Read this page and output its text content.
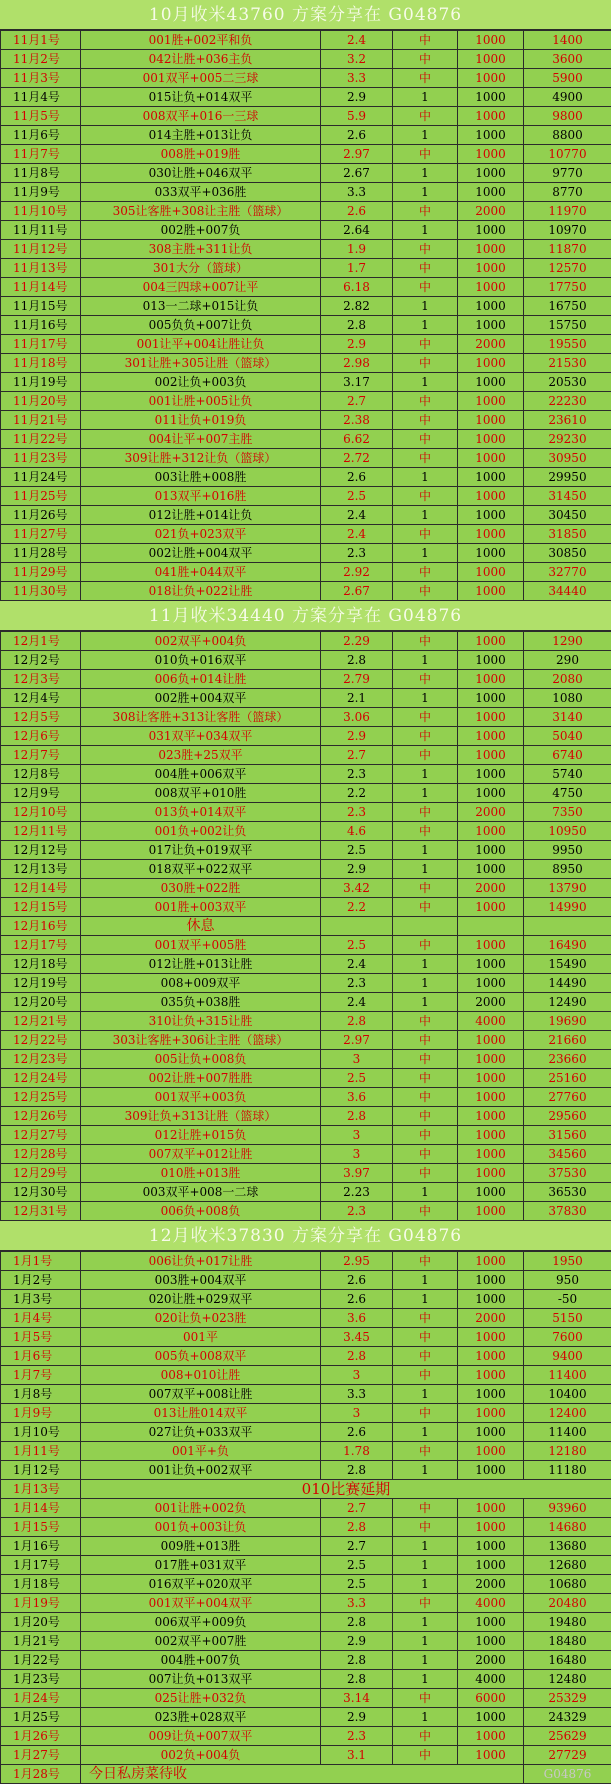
10月收米43760 方案分享在 G04876
11月1号	001胜+002平和负	2.4	中	1000	1400
11月2号	042让胜+036主负	3.2	中	1000	3600
11月3号	001双平+005二三球	3.3	中	1000	5900
11月4号	015让负+014双平	2.9	1	1000	4900
11月5号	008双平+016一三球	5.9	中	1000	9800
11月6号	014主胜+013让负	2.6	1	1000	8800
11月7号	008胜+019胜	2.97	中	1000	10770
11月8号	030让胜+046双平	2.67	1	1000	9770
11月9号	033双平+036胜	3.3	1	1000	8770
11月10号	305让客胜+308让主胜（篮球）	2.6	中	2000	11970
11月11号	002胜+007负	2.64	1	1000	10970
11月12号	308主胜+311让负	1.9	中	1000	11870
11月13号	301大分（篮球）	1.7	中	1000	12570
11月14号	004三四球+007让平	6.18	中	1000	17750
11月15号	013一二球+015让负	2.82	1	1000	16750
11月16号	005负负+007让负	2.8	1	1000	15750
11月17号	001让平+004让胜让负	2.9	中	2000	19550
11月18号	301让胜+305让胜（篮球）	2.98	中	1000	21530
11月19号	002让负+003负	3.17	1	1000	20530
11月20号	001让胜+005让负	2.7	中	1000	22230
11月21号	011让负+019负	2.38	中	1000	23610
11月22号	004让平+007主胜	6.62	中	1000	29230
11月23号	309让胜+312让负（篮球）	2.72	中	1000	30950
11月24号	003让胜+008胜	2.6	1	1000	29950
11月25号	013双平+016胜	2.5	中	1000	31450
11月26号	012让胜+014让负	2.4	1	1000	30450
11月27号	021负+023双平	2.4	中	1000	31850
11月28号	002让胜+004双平	2.3	1	1000	30850
11月29号	041胜+044双平	2.92	中	1000	32770
11月30号	018让负+022让胜	2.67	中	1000	34440
11月收米34440 方案分享在 G04876
12月1号	002双平+004负	2.29	中	1000	1290
12月2号	010负+016双平	2.8	1	1000	290
12月3号	006负+014让胜	2.79	中	1000	2080
12月4号	002胜+004双平	2.1	1	1000	1080
12月5号	308让客胜+313让客胜（篮球）	3.06	中	1000	3140
12月6号	031双平+034双平	2.9	中	1000	5040
12月7号	023胜+25双平	2.7	中	1000	6740
12月8号	004胜+006双平	2.3	1	1000	5740
12月9号	008双平+010胜	2.2	1	1000	4750
12月10号	013负+014双平	2.3	中	2000	7350
12月11号	001负+002让负	4.6	中	1000	10950
12月12号	017让负+019双平	2.5	1	1000	9950
12月13号	018双平+022双平	2.9	1	1000	8950
12月14号	030胜+022胜	3.42	中	2000	13790
12月15号	001胜+003双平	2.2	中	1000	14990
12月16号	休息				
12月17号	001双平+005胜	2.5	中	1000	16490
12月18号	012让胜+013让胜	2.4	1	1000	15490
12月19号	008+009双平	2.3	1	1000	14490
12月20号	035负+038胜	2.4	1	2000	12490
12月21号	310让负+315让胜	2.8	中	4000	19690
12月22号	303让客胜+306让主胜（篮球）	2.97	中	1000	21660
12月23号	005让负+008负	3	中	1000	23660
12月24号	002让胜+007胜胜	2.5	中	1000	25160
12月25号	001双平+003负	3.6	中	1000	27760
12月26号	309让负+313让胜（篮球）	2.8	中	1000	29560
12月27号	012让胜+015负	3	中	1000	31560
12月28号	007双平+012让胜	3	中	1000	34560
12月29号	010胜+013胜	3.97	中	1000	37530
12月30号	003双平+008一二球	2.23	1	1000	36530
12月31号	006负+008负	2.3	中	1000	37830
12月收米37830 方案分享在 G04876
1月1号	006让负+017让胜	2.95	中	1000	1950
1月2号	003胜+004双平	2.6	1	1000	950
1月3号	020让胜+029双平	2.6	1	1000	-50
1月4号	020让负+023胜	3.6	中	2000	5150
1月5号	001平	3.45	中	1000	7600
1月6号	005负+008双平	2.8	中	1000	9400
1月7号	008+010让胜	3	中	1000	11400
1月8号	007双平+008让胜	3.3	1	1000	10400
1月9号	013让胜014双平	3	中	1000	12400
1月10号	027让负+033双平	2.6	1	1000	11400
1月11号	001平+负	1.78	中	1000	12180
1月12号	001让负+002双平	2.8	1	1000	11180
1月13号	010比赛延期				
1月14号	001让胜+002负	2.7	中	1000	93960
1月15号	001负+003让负	2.8	中	1000	14680
1月16号	009胜+013胜	2.7	1	1000	13680
1月17号	017胜+031双平	2.5	1	1000	12680
1月18号	016双平+020双平	2.5	1	2000	10680
1月19号	001双平+004双平	3.3	中	4000	20480
1月20号	006双平+009负	2.8	1	1000	19480
1月21号	002双平+007胜	2.9	1	1000	18480
1月22号	004胜+007负	2.8	1	2000	16480
1月23号	007让负+013双平	2.8	1	4000	12480
1月24号	025让胜+032负	3.14	中	6000	25329
1月25号	023胜+028双平	2.9	1	1000	24329
1月26号	009让负+007双平	2.3	中	1000	25629
1月27号	002负+004负	3.1	中	1000	27729
1月28号	今日私房菜待收				G04876
